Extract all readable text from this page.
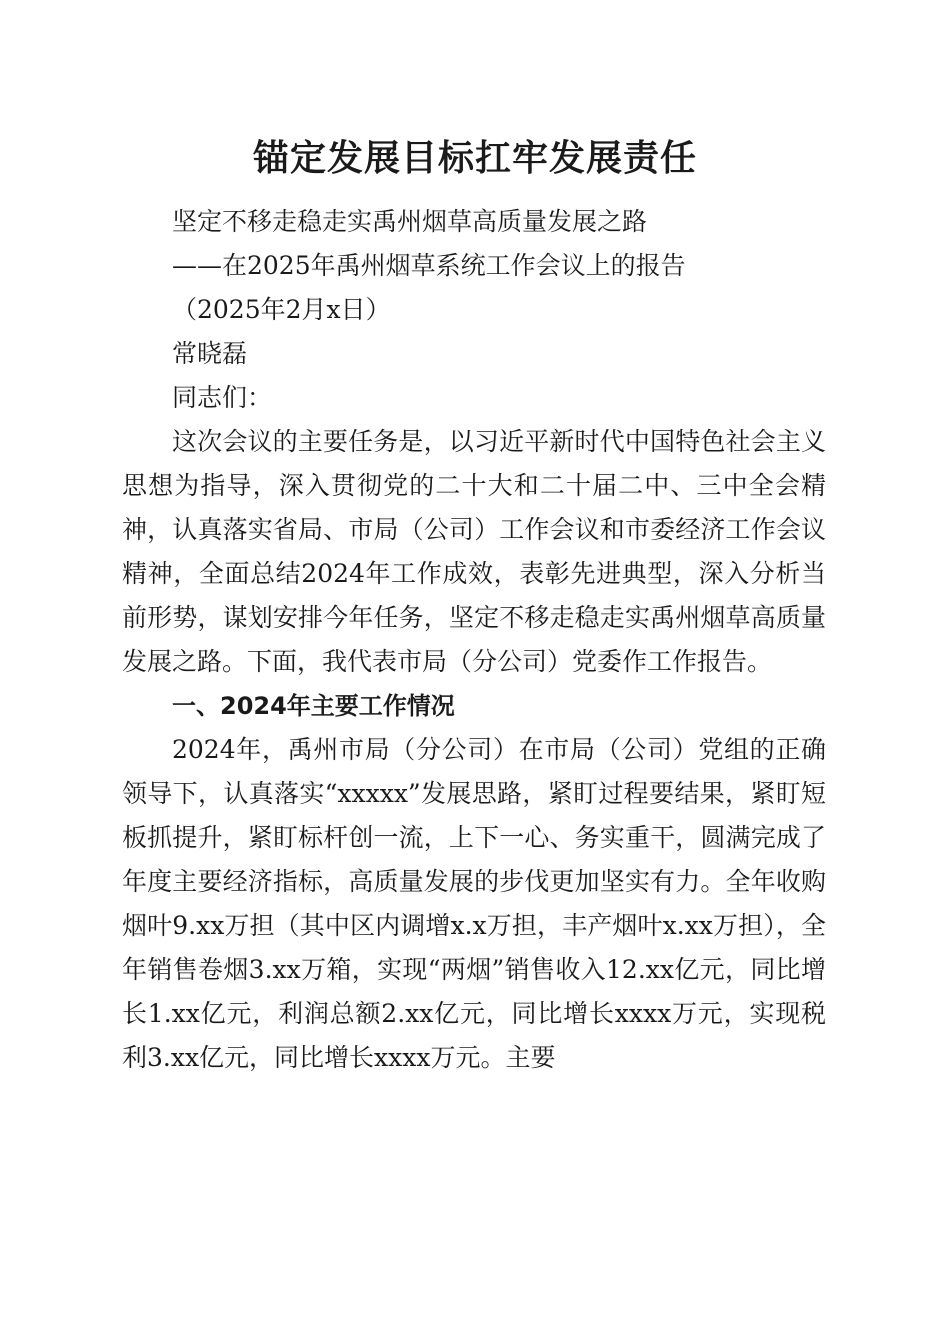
锚定发展目标扛牢发展责任
坚定不移走稳走实禹州烟草高质量发展之路
——在2025年禹州烟草系统工作会议上的报告
（2025年2月x日）
常晓磊
同志们：

这次会议的主要任务是，以习近平新时代中国特色社会主义思想为指导，深入贯彻党的二十大和二十届二中、三中全会精神，认真落实省局、市局（公司）工作会议和市委经济工作会议精神，全面总结2024年工作成效，表彰先进典型，深入分析当前形势，谋划安排今年任务，坚定不移走稳走实禹州烟草高质量发展之路。下面，我代表市局（分公司）党委作工作报告。

一、2024年主要工作情况

2024年，禹州市局（分公司）在市局（公司）党组的正确领导下，认真落实“xxxxx”发展思路，紧盯过程要结果，紧盯短板抓提升，紧盯标杆创一流，上下一心、务实重干，圆满完成了年度主要经济指标，高质量发展的步伐更加坚实有力。全年收购烟叶9.xx万担（其中区内调增x.x万担，丰产烟叶x.xx万担），全年销售卷烟3.xx万箱，实现“两烟”销售收入12.xx亿元，同比增长1.xx亿元，利润总额2.xx亿元，同比增长xxxx万元，实现税利3.xx亿元，同比增长xxxx万元。主要
